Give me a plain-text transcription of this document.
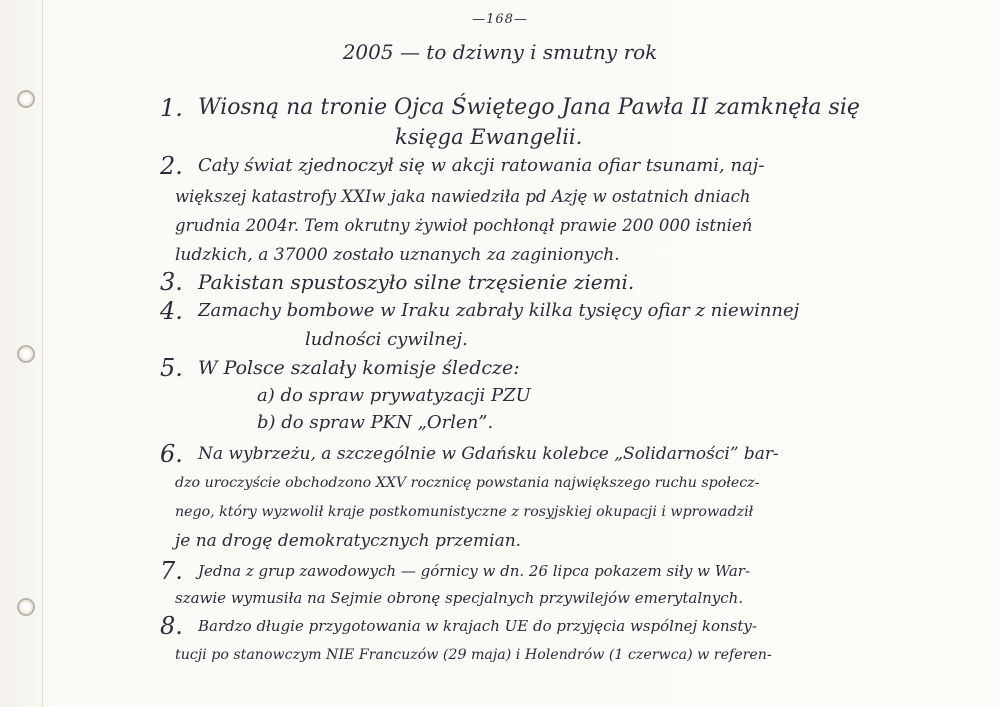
—168—
2005 — to dziwny i smutny rok
1. Wiosną na tronie Ojca Świętego Jana Pawła II zamknęła się
księga Ewangelii.
2. Cały świat zjednoczył się w akcji ratowania ofiar tsunami, naj-
większej katastrofy XXIw jaka nawiedziła pd Azję w ostatnich dniach
grudnia 2004r. Tem okrutny żywioł pochłonął prawie 200 000 istnień
ludzkich, a 37000 zostało uznanych za zaginionych.
3. Pakistan spustoszyło silne trzęsienie ziemi.
4. Zamachy bombowe w Iraku zabrały kilka tysięcy ofiar z niewinnej
ludności cywilnej.
5. W Polsce szalały komisje śledcze:
a) do spraw prywatyzacji PZU
b) do spraw PKN „Orlen”.
6. Na wybrzeżu, a szczególnie w Gdańsku kolebce „Solidarności” bar-
dzo uroczyście obchodzono XXV rocznicę powstania największego ruchu społecz-
nego, który wyzwolił kraje postkomunistyczne z rosyjskiej okupacji i wprowadził
je na drogę demokratycznych przemian.
7. Jedna z grup zawodowych — górnicy w dn. 26 lipca pokazem siły w War-
szawie wymusiła na Sejmie obronę specjalnych przywilejów emerytalnych.
8. Bardzo długie przygotowania w krajach UE do przyjęcia wspólnej konsty-
tucji po stanowczym NIE Francuzów (29 maja) i Holendrów (1 czerwca) w referen-
